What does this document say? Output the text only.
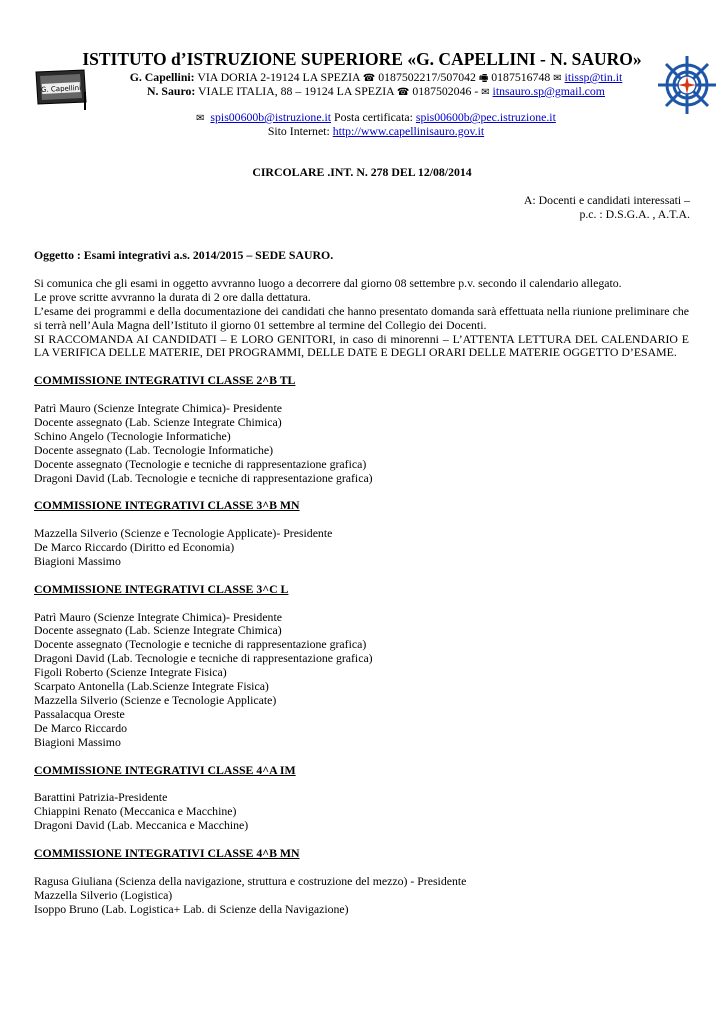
G. Capellini
ISTITUTO d’ISTRUZIONE SUPERIORE «G. CAPELLINI - N. SAURO»
G. Capellini: VIA DORIA 2-19124 LA SPEZIA ☎ 0187502217/507042 🖷 0187516748 ✉ itissp@tin.it
N. Sauro: VIALE ITALIA, 88 – 19124 LA SPEZIA ☎ 0187502046 - ✉ itnsauro.sp@gmail.com
✉ spis00600b@istruzione.it Posta certificata: spis00600b@pec.istruzione.it
Sito Internet: http://www.capellinisauro.gov.it
CIRCOLARE .INT. N. 278 DEL 12/08/2014
A: Docenti e candidati interessati –
p.c. : D.S.G.A. , A.T.A.
Oggetto : Esami integrativi a.s. 2014/2015 – SEDE SAURO.

Si comunica che gli esami in oggetto avvranno luogo a decorrere dal giorno 08 settembre p.v. secondo il calendario allegato.

Le prove scritte avvranno la durata di 2 ore dalla dettatura.

L’esame dei programmi e della documentazione dei candidati che hanno presentato domanda sarà effettuata nella riunione preliminare che si terrà nell’Aula Magna dell’Istituto il giorno 01 settembre al termine del Collegio dei Docenti.

SI RACCOMANDA AI CANDIDATI – E LORO GENITORI, in caso di minorenni – L’ATTENTA LETTURA DEL CALENDARIO E LA VERIFICA DELLE MATERIE, DEI PROGRAMMI, DELLE DATE E DEGLI ORARI DELLE MATERIE OGGETTO D’ESAME.

COMMISSIONE INTEGRATIVI CLASSE 2^B TL
Patrì Mauro (Scienze Integrate Chimica)- Presidente
Docente assegnato (Lab. Scienze Integrate Chimica)
Schino Angelo (Tecnologie Informatiche)
Docente assegnato (Lab. Tecnologie Informatiche)
Docente assegnato (Tecnologie e tecniche di rappresentazione grafica)
Dragoni David (Lab. Tecnologie e tecniche di rappresentazione grafica)
COMMISSIONE INTEGRATIVI CLASSE 3^B MN
Mazzella Silverio (Scienze e Tecnologie Applicate)- Presidente
De Marco Riccardo (Diritto ed Economia)
Biagioni Massimo
COMMISSIONE INTEGRATIVI CLASSE 3^C L
Patrì Mauro (Scienze Integrate Chimica)- Presidente
Docente assegnato (Lab. Scienze Integrate Chimica)
Docente assegnato (Tecnologie e tecniche di rappresentazione grafica)
Dragoni David (Lab. Tecnologie e tecniche di rappresentazione grafica)
Figoli Roberto (Scienze Integrate Fisica)
Scarpato Antonella (Lab.Scienze Integrate Fisica)
Mazzella Silverio (Scienze e Tecnologie Applicate)
Passalacqua Oreste
De Marco Riccardo
Biagioni Massimo
COMMISSIONE INTEGRATIVI CLASSE 4^A IM
Barattini Patrizia-Presidente
Chiappini Renato (Meccanica e Macchine)
Dragoni David (Lab. Meccanica e Macchine)
COMMISSIONE INTEGRATIVI CLASSE 4^B MN
Ragusa Giuliana (Scienza della navigazione, struttura e costruzione del mezzo) - Presidente
Mazzella Silverio (Logistica)
Isoppo Bruno (Lab. Logistica+ Lab. di Scienze della Navigazione)
